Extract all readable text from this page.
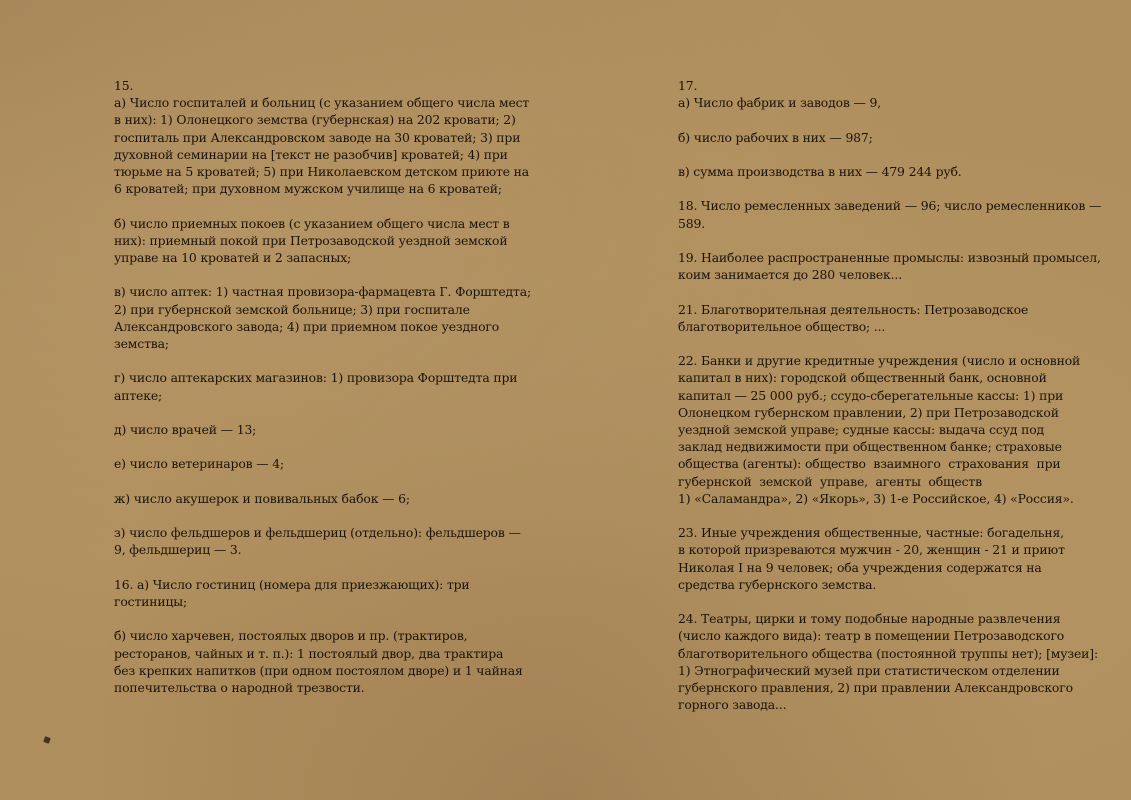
15.
а) Число госпиталей и больниц (с указанием общего числа мест
в них): 1) Олонецкого земства (губернская) на 202 кровати; 2)
госпиталь при Александровском заводе на 30 кроватей; 3) при
духовной семинарии на [текст не разобчив] кроватей; 4) при
тюрьме на 5 кроватей; 5) при Николаевском детском приюте на
6 кроватей; при духовном мужском училище на 6 кроватей;
б) число приемных покоев (с указанием общего числа мест в
них): приемный покой при Петрозаводской уездной земской
управе на 10 кроватей и 2 запасных;
в) число аптек: 1) частная провизора-фармацевта Г. Форштедта;
2) при губернской земской больнице; 3) при госпитале
Александровского завода; 4) при приемном покое уездного
земства;
г) число аптекарских магазинов: 1) провизора Форштедта при
аптеке;
д) число врачей — 13;
е) число ветеринаров — 4;
ж) число акушерок и повивальных бабок — 6;
з) число фельдшеров и фельдшериц (отдельно): фельдшеров —
9, фельдшериц — 3.
16. а) Число гостиниц (номера для приезжающих): три
гостиницы;
б) число харчевен, постоялых дворов и пр. (трактиров,
ресторанов, чайных и т. п.): 1 постоялый двор, два трактира
без крепких напитков (при одном постоялом дворе) и 1 чайная
попечительства о народной трезвости.
17.
а) Число фабрик и заводов — 9,
б) число рабочих в них — 987;
в) сумма производства в них — 479 244 руб.
18. Число ремесленных заведений — 96; число ремесленников —
589.
19. Наиболее распространенные промыслы: извозный промысел,
коим занимается до 280 человек...
21. Благотворительная деятельность: Петрозаводское
благотворительное общество; ...
22. Банки и другие кредитные учреждения (число и основной
капитал в них): городской общественный банк, основной
капитал — 25 000 руб.; ссудо-сберегательные кассы: 1) при
Олонецком губернском правлении, 2) при Петрозаводской
уездной земской управе; судные кассы: выдача ссуд под
заклад недвижимости при общественном банке; страховые
общества (агенты): общество  взаимного  страхования  при
губернской  земской  управе,  агенты  обществ
1) «Саламандра», 2) «Якорь», 3) 1-е Российское, 4) «Россия».
23. Иные учреждения общественные, частные: богадельня,
в которой призреваются мужчин - 20, женщин - 21 и приют
Николая I на 9 человек; оба учреждения содержатся на
средства губернского земства.
24. Театры, цирки и тому подобные народные развлечения
(число каждого вида): театр в помещении Петрозаводского
благотворительного общества (постоянной труппы нет); [музеи]:
1) Этнографический музей при статистическом отделении
губернского правления, 2) при правлении Александровского
горного завода...
